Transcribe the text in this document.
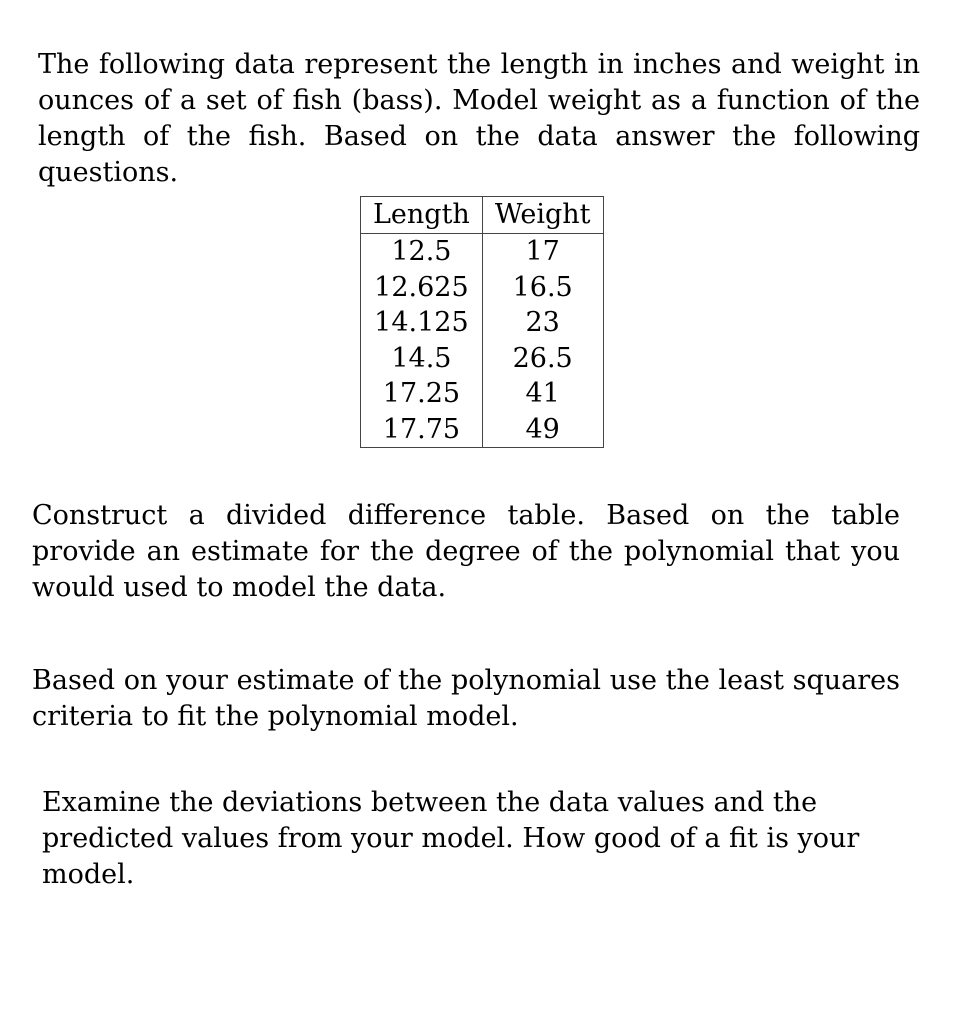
The following data represent the length in inches and weight in ounces of a set of fish (bass). Model weight as a function of the length of the fish. Based on the data answer the following questions.

Length	Weight
12.5	17
12.625	16.5
14.125	23
14.5	26.5
17.25	41
17.75	49

Construct a divided difference table. Based on the table provide an estimate for the degree of the polynomial that you would used to model the data.

Based on your estimate of the polynomial use the least squares criteria to fit the polynomial model.

Examine the deviations between the data values and the predicted values from your model. How good of a fit is your model.
